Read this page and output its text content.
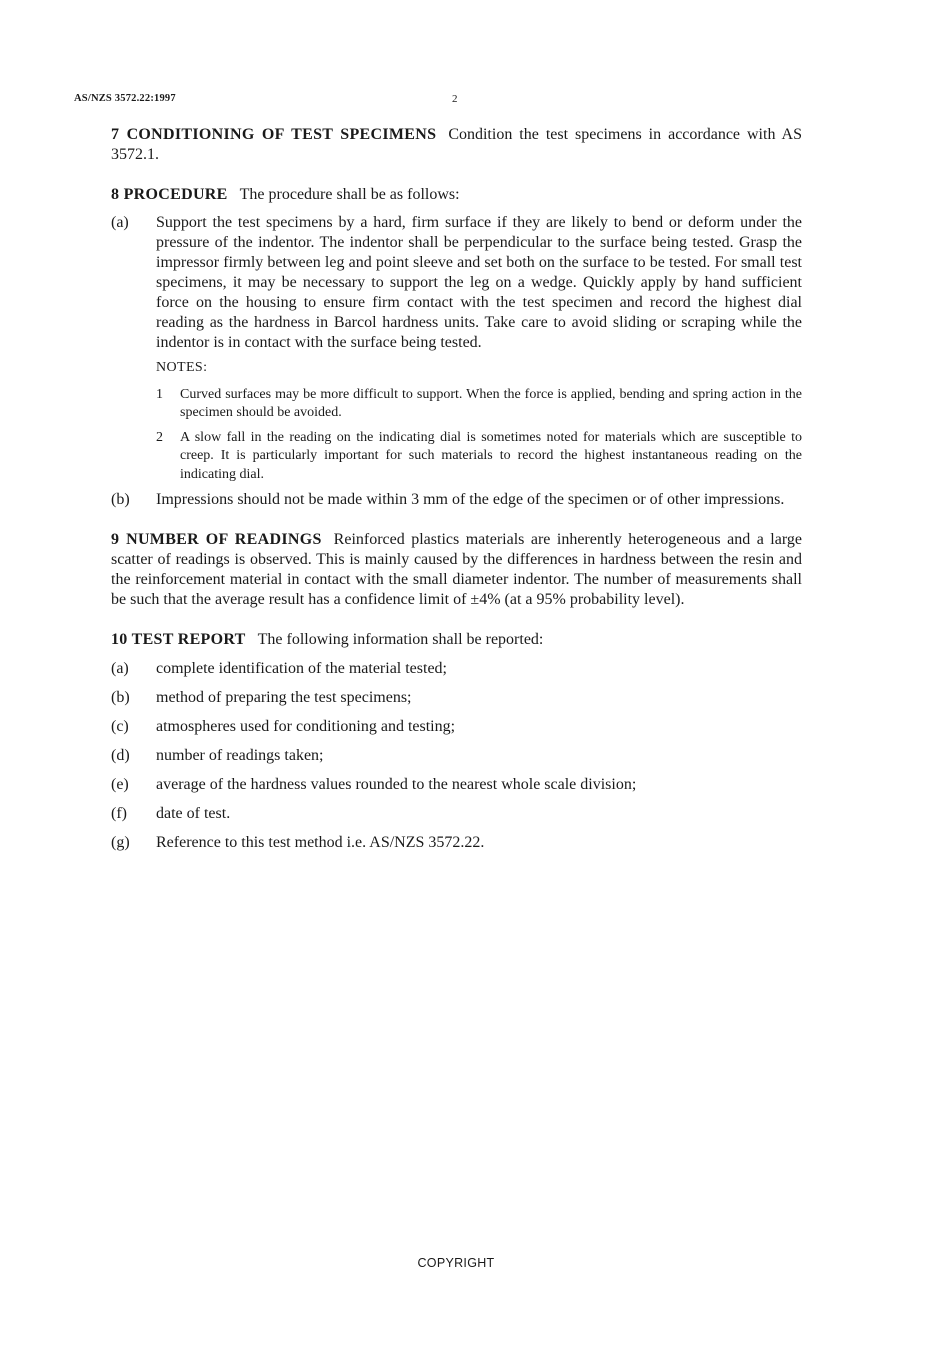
AS/NZS 3572.22:1997	2
7 CONDITIONING OF TEST SPECIMENS Condition the test specimens in accordance with AS 3572.1.

8 PROCEDURE The procedure shall be as follows:

(a)	Support the test specimens by a hard, firm surface if they are likely to bend or deform under the pressure of the indentor. The indentor shall be perpendicular to the surface being tested. Grasp the impressor firmly between leg and point sleeve and set both on the surface to be tested. For small test specimens, it may be necessary to support the leg on a wedge. Quickly apply by hand sufficient force on the housing to ensure firm contact with the test specimen and record the highest dial reading as the hardness in Barcol hardness units. Take care to avoid sliding or scraping while the indentor is in contact with the surface being tested.
NOTES:
1	Curved surfaces may be more difficult to support. When the force is applied, bending and spring action in the specimen should be avoided.
2	A slow fall in the reading on the indicating dial is sometimes noted for materials which are susceptible to creep. It is particularly important for such materials to record the highest instantaneous reading on the indicating dial.
(b)	Impressions should not be made within 3 mm of the edge of the specimen or of other impressions.
9 NUMBER OF READINGS Reinforced plastics materials are inherently heterogeneous and a large scatter of readings is observed. This is mainly caused by the differences in hardness between the resin and the reinforcement material in contact with the small diameter indentor. The number of measurements shall be such that the average result has a confidence limit of ±4% (at a 95% probability level).

10 TEST REPORT The following information shall be reported:

(a)	complete identification of the material tested;
(b)	method of preparing the test specimens;
(c)	atmospheres used for conditioning and testing;
(d)	number of readings taken;
(e)	average of the hardness values rounded to the nearest whole scale division;
(f)	date of test.
(g)	Reference to this test method i.e. AS/NZS 3572.22.
COPYRIGHT
